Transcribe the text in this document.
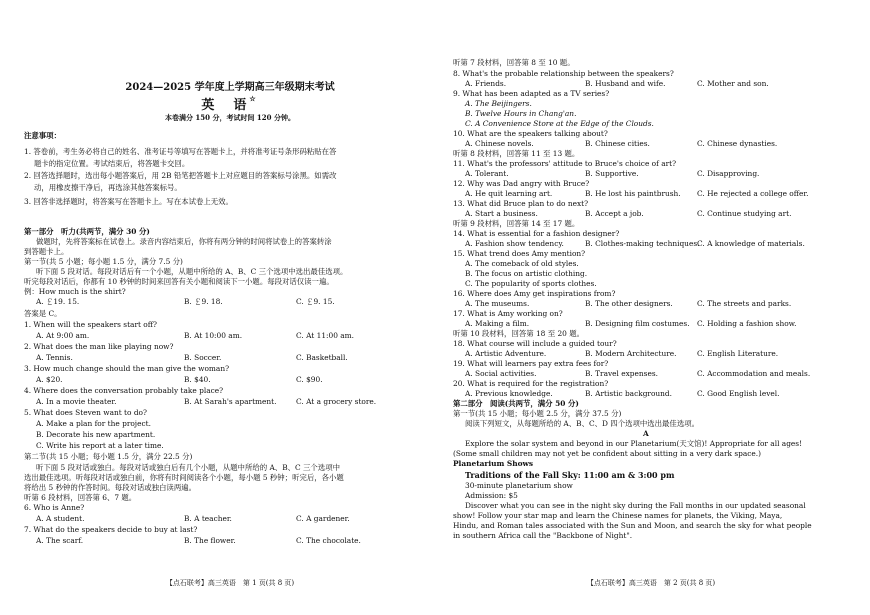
2024—2025 学年度上学期高三年级期末考试
英　语☆
本卷满分 150 分，考试时间 120 分钟。
注意事项：
1. 答卷前，考生务必将自己的姓名、准考证号等填写在答题卡上，并将准考证号条形码粘贴在答
题卡的指定位置。考试结束后，将答题卡交回。
2. 回答选择题时，选出每小题答案后，用 2B 铅笔把答题卡上对应题目的答案标号涂黑。如需改
动，用橡皮擦干净后，再选涂其他答案标号。
3. 回答非选择题时，将答案写在答题卡上。写在本试卷上无效。
第一部分　听力(共两节，满分 30 分)
做题时，先将答案标在试卷上。录音内容结束后，你将有两分钟的时间将试卷上的答案转涂
到答题卡上。
第一节(共 5 小题；每小题 1.5 分，满分 7.5 分)
听下面 5 段对话。每段对话后有一个小题，从题中所给的 A、B、C 三个选项中选出最佳选项。
听完每段对话后，你都有 10 秒钟的时间来回答有关小题和阅读下一小题。每段对话仅读一遍。
例：How much is the shirt?
A. ￡19. 15.	B. ￡9. 18.	C. ￡9. 15.
答案是 C。
1. When will the speakers start off?
A. At 9:00 am.	B. At 10:00 am.	C. At 11:00 am.
2. What does the man like playing now?
A. Tennis.	B. Soccer.	C. Basketball.
3. How much change should the man give the woman?
A. $20.	B. $40.	C. $90.
4. Where does the conversation probably take place?
A. In a movie theater.	B. At Sarah's apartment.	C. At a grocery store.
5. What does Steven want to do?
A. Make a plan for the project.
B. Decorate his new apartment.
C. Write his report at a later time.
第二节(共 15 小题；每小题 1.5 分，满分 22.5 分)
听下面 5 段对话或独白。每段对话或独白后有几个小题，从题中所给的 A、B、C 三个选项中
选出最佳选项。听每段对话或独白前，你将有时间阅读各个小题，每小题 5 秒钟；听完后，各小题
将给出 5 秒钟的作答时间。每段对话或独白读两遍。
听第 6 段材料，回答第 6、7 题。
6. Who is Anne?
A. A student.	B. A teacher.	C. A gardener.
7. What do the speakers decide to buy at last?
A. The scarf.	B. The flower.	C. The chocolate.
【点石联考】高三英语　第 1 页(共 8 页)
听第 7 段材料，回答第 8 至 10 题。
8. What's the probable relationship between the speakers?
A. Friends.	B. Husband and wife.	C. Mother and son.
9. What has been adapted as a TV series?
A. The Beijingers.
B. Twelve Hours in Chang'an.
C. A Convenience Store at the Edge of the Clouds.
10. What are the speakers talking about?
A. Chinese novels.	B. Chinese cities.	C. Chinese dynasties.
听第 8 段材料，回答第 11 至 13 题。
11. What's the professors' attitude to Bruce's choice of art?
A. Tolerant.	B. Supportive.	C. Disapproving.
12. Why was Dad angry with Bruce?
A. He quit learning art.	B. He lost his paintbrush. C. He rejected a college offer.
13. What did Bruce plan to do next?
A. Start a business.	B. Accept a job.	C. Continue studying art.
听第 9 段材料，回答第 14 至 17 题。
14. What is essential for a fashion designer?
A. Fashion show tendency.	B. Clothes-making techniques.
C. A knowledge of materials.
15. What trend does Amy mention?
A. The comeback of old styles.
B. The focus on artistic clothing.
C. The popularity of sports clothes.
16. Where does Amy get inspirations from?
A. The museums.	B. The other designers.	C. The streets and parks.
17. What is Amy working on?
A. Making a film.	B. Designing film costumes. C. Holding a fashion show.
听第 10 段材料，回答第 18 至 20 题。
18. What course will include a guided tour?
A. Artistic Adventure.	B. Modern Architecture.	C. English Literature.
19. What will learners pay extra fees for?
A. Social activities.	B. Travel expenses.	C. Accommodation and meals.
20. What is required for the registration?
A. Previous knowledge.	B. Artistic background.	C. Good English level.
第二部分　阅读(共两节，满分 50 分)
第一节(共 15 小题；每小题 2.5 分，满分 37.5 分)
阅读下列短文，从每题所给的 A、B、C、D 四个选项中选出最佳选项。
A
Explore the solar system and beyond in our Planetarium(天文馆)! Appropriate for all ages!
(Some small children may not yet be confident about sitting in a very dark space.)
Planetarium Shows
Traditions of the Fall Sky: 11:00 am & 3:00 pm
30-minute planetarium show
Admission: $5
Discover what you can see in the night sky during the Fall months in our updated seasonal
show! Follow your star map and learn the Chinese names for planets, the Viking, Maya,
Hindu, and Roman tales associated with the Sun and Moon, and search the sky for what people
in southern Africa call the "Backbone of Night".
【点石联考】高三英语　第 2 页(共 8 页)
